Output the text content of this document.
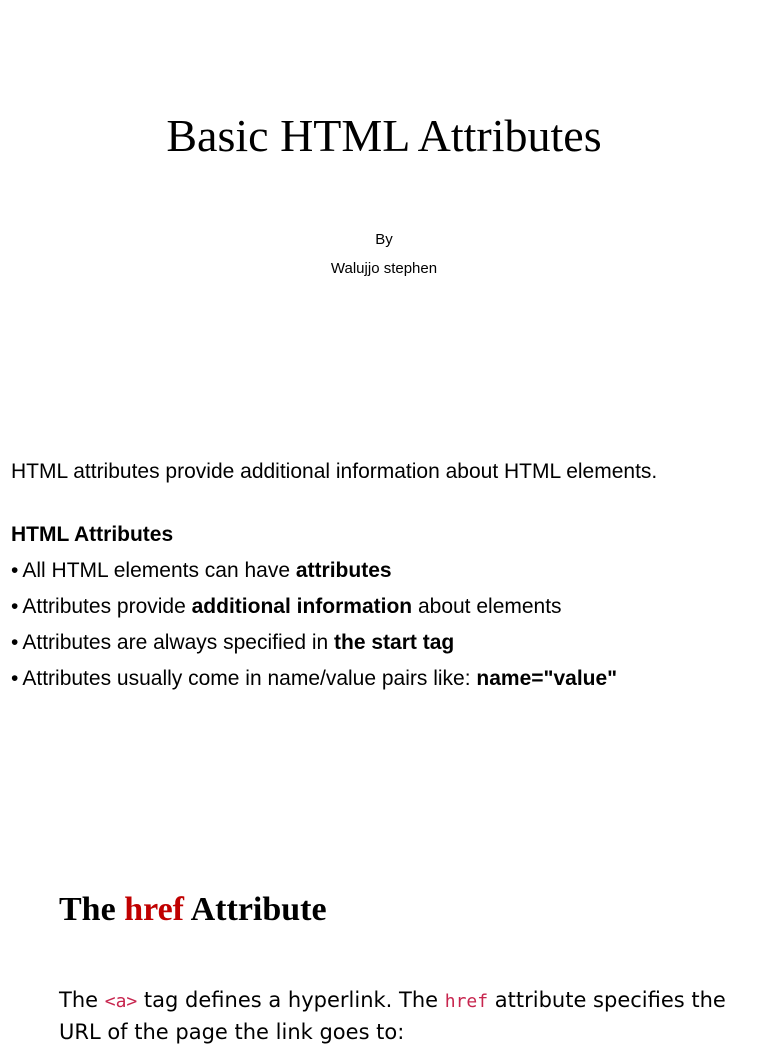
Basic HTML Attributes
By
Walujjo stephen
HTML attributes provide additional information about HTML elements.
HTML Attributes
• All HTML elements can have attributes
• Attributes provide additional information about elements
• Attributes are always specified in the start tag
• Attributes usually come in name/value pairs like: name="value"
The href Attribute
The <a> tag defines a hyperlink. The href attribute specifies the URL of the page the link goes to:
